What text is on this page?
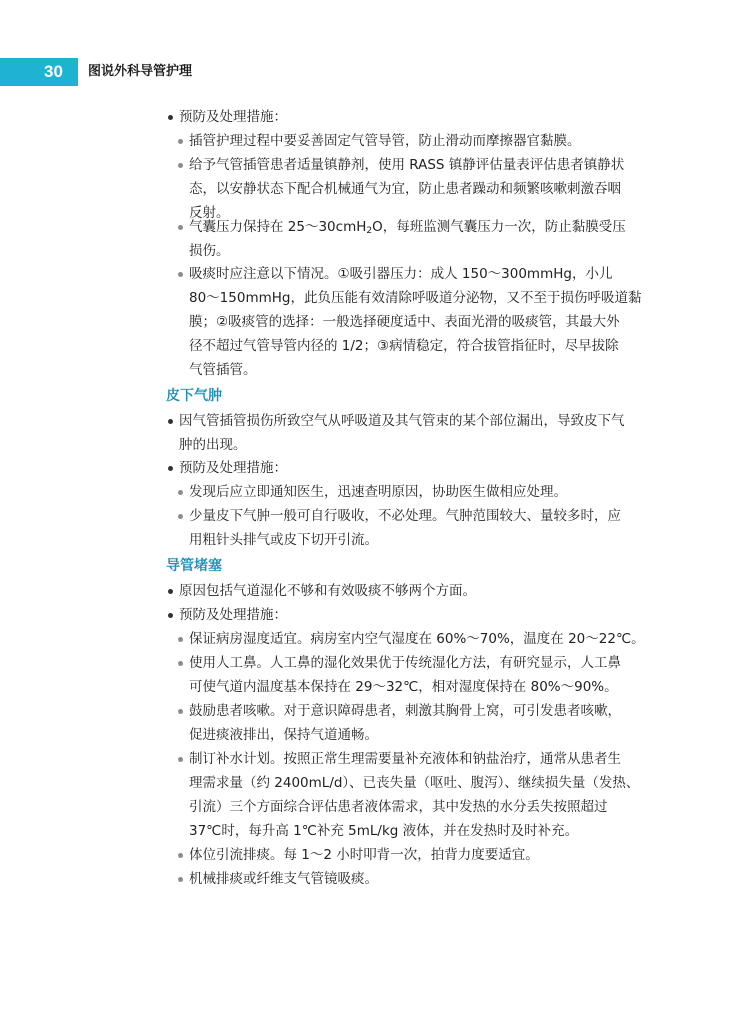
30 图说外科导管护理
预防及处理措施：
插管护理过程中要妥善固定气管导管，防止滑动而摩擦器官黏膜。
给予气管插管患者适量镇静剂，使用 RASS 镇静评估量表评估患者镇静状
态，以安静状态下配合机械通气为宜，防止患者躁动和频繁咳嗽刺激吞咽
反射。
气囊压力保持在 25～30cmH$_2$O，每班监测气囊压力一次，防止黏膜受压
损伤。
吸痰时应注意以下情况。①吸引器压力：成人 150～300mmHg，小儿
80～150mmHg，此负压能有效清除呼吸道分泌物，又不至于损伤呼吸道黏
膜；②吸痰管的选择：一般选择硬度适中、表面光滑的吸痰管，其最大外
径不超过气管导管内径的 1/2；③病情稳定，符合拔管指征时，尽早拔除
气管插管。
皮下气肿
因气管插管损伤所致空气从呼吸道及其气管束的某个部位漏出，导致皮下气
肿的出现。
预防及处理措施：
发现后应立即通知医生，迅速查明原因，协助医生做相应处理。
少量皮下气肿一般可自行吸收，不必处理。气肿范围较大、量较多时，应
用粗针头排气或皮下切开引流。
导管堵塞
原因包括气道湿化不够和有效吸痰不够两个方面。
预防及处理措施：
保证病房湿度适宜。病房室内空气湿度在 60%～70%，温度在 20～22℃。
使用人工鼻。人工鼻的湿化效果优于传统湿化方法，有研究显示，人工鼻
可使气道内温度基本保持在 29～32℃，相对湿度保持在 80%～90%。
鼓励患者咳嗽。对于意识障碍患者，刺激其胸骨上窝，可引发患者咳嗽，
促进痰液排出，保持气道通畅。
制订补水计划。按照正常生理需要量补充液体和钠盐治疗，通常从患者生
理需求量（约 2400mL/d）、已丧失量（呕吐、腹泻）、继续损失量（发热、
引流）三个方面综合评估患者液体需求，其中发热的水分丢失按照超过
37℃时，每升高 1℃补充 5mL/kg 液体，并在发热时及时补充。
体位引流排痰。每 1～2 小时叩背一次，拍背力度要适宜。
机械排痰或纤维支气管镜吸痰。
